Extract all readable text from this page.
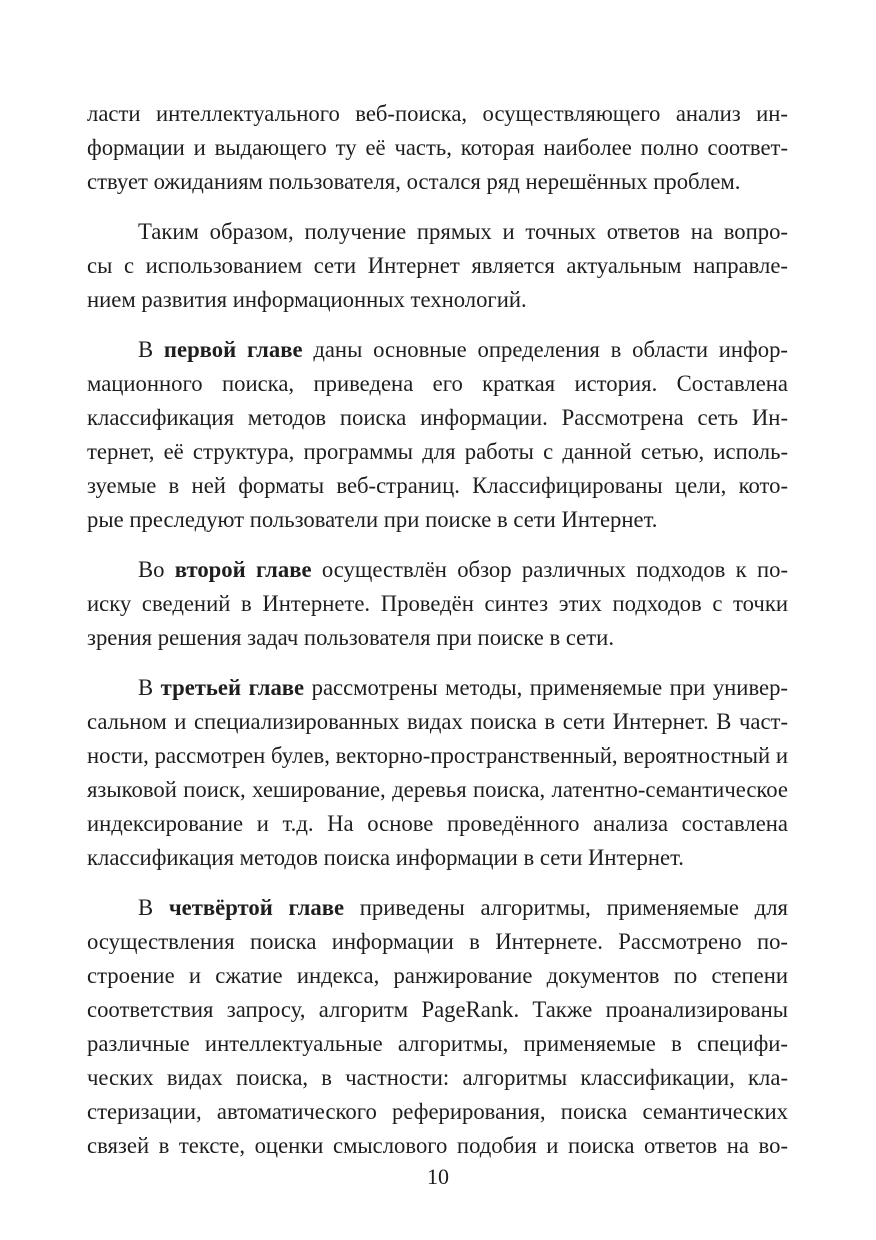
ласти интеллектуального веб-поиска, осуществляющего анализ ин-
формации и выдающего ту её часть, которая наиболее полно соответ-
ствует ожиданиям пользователя, остался ряд нерешённых проблем.
Таким образом, получение прямых и точных ответов на вопро-
сы с использованием сети Интернет является актуальным направле-
нием развития информационных технологий.
В первой главе даны основные определения в области инфор-
мационного поиска, приведена его краткая история. Составлена
классификация методов поиска информации. Рассмотрена сеть Ин-
тернет, её структура, программы для работы с данной сетью, исполь-
зуемые в ней форматы веб-страниц. Классифицированы цели, кото-
рые преследуют пользователи при поиске в сети Интернет.
Во второй главе осуществлён обзор различных подходов к по-
иску сведений в Интернете. Проведён синтез этих подходов с точки
зрения решения задач пользователя при поиске в сети.
В третьей главе рассмотрены методы, применяемые при универ-
сальном и специализированных видах поиска в сети Интернет. В част-
ности, рассмотрен булев, векторно-пространственный, вероятностный и
языковой поиск, хеширование, деревья поиска, латентно-семантическое
индексирование и т.д. На основе проведённого анализа составлена
классификация методов поиска информации в сети Интернет.
В четвёртой главе приведены алгоритмы, применяемые для
осуществления поиска информации в Интернете. Рассмотрено по-
строение и сжатие индекса, ранжирование документов по степени
соответствия запросу, алгоритм PageRank. Также проанализированы
различные интеллектуальные алгоритмы, применяемые в специфи-
ческих видах поиска, в частности: алгоритмы классификации, кла-
стеризации, автоматического реферирования, поиска семантических
связей в тексте, оценки смыслового подобия и поиска ответов на во-
10
